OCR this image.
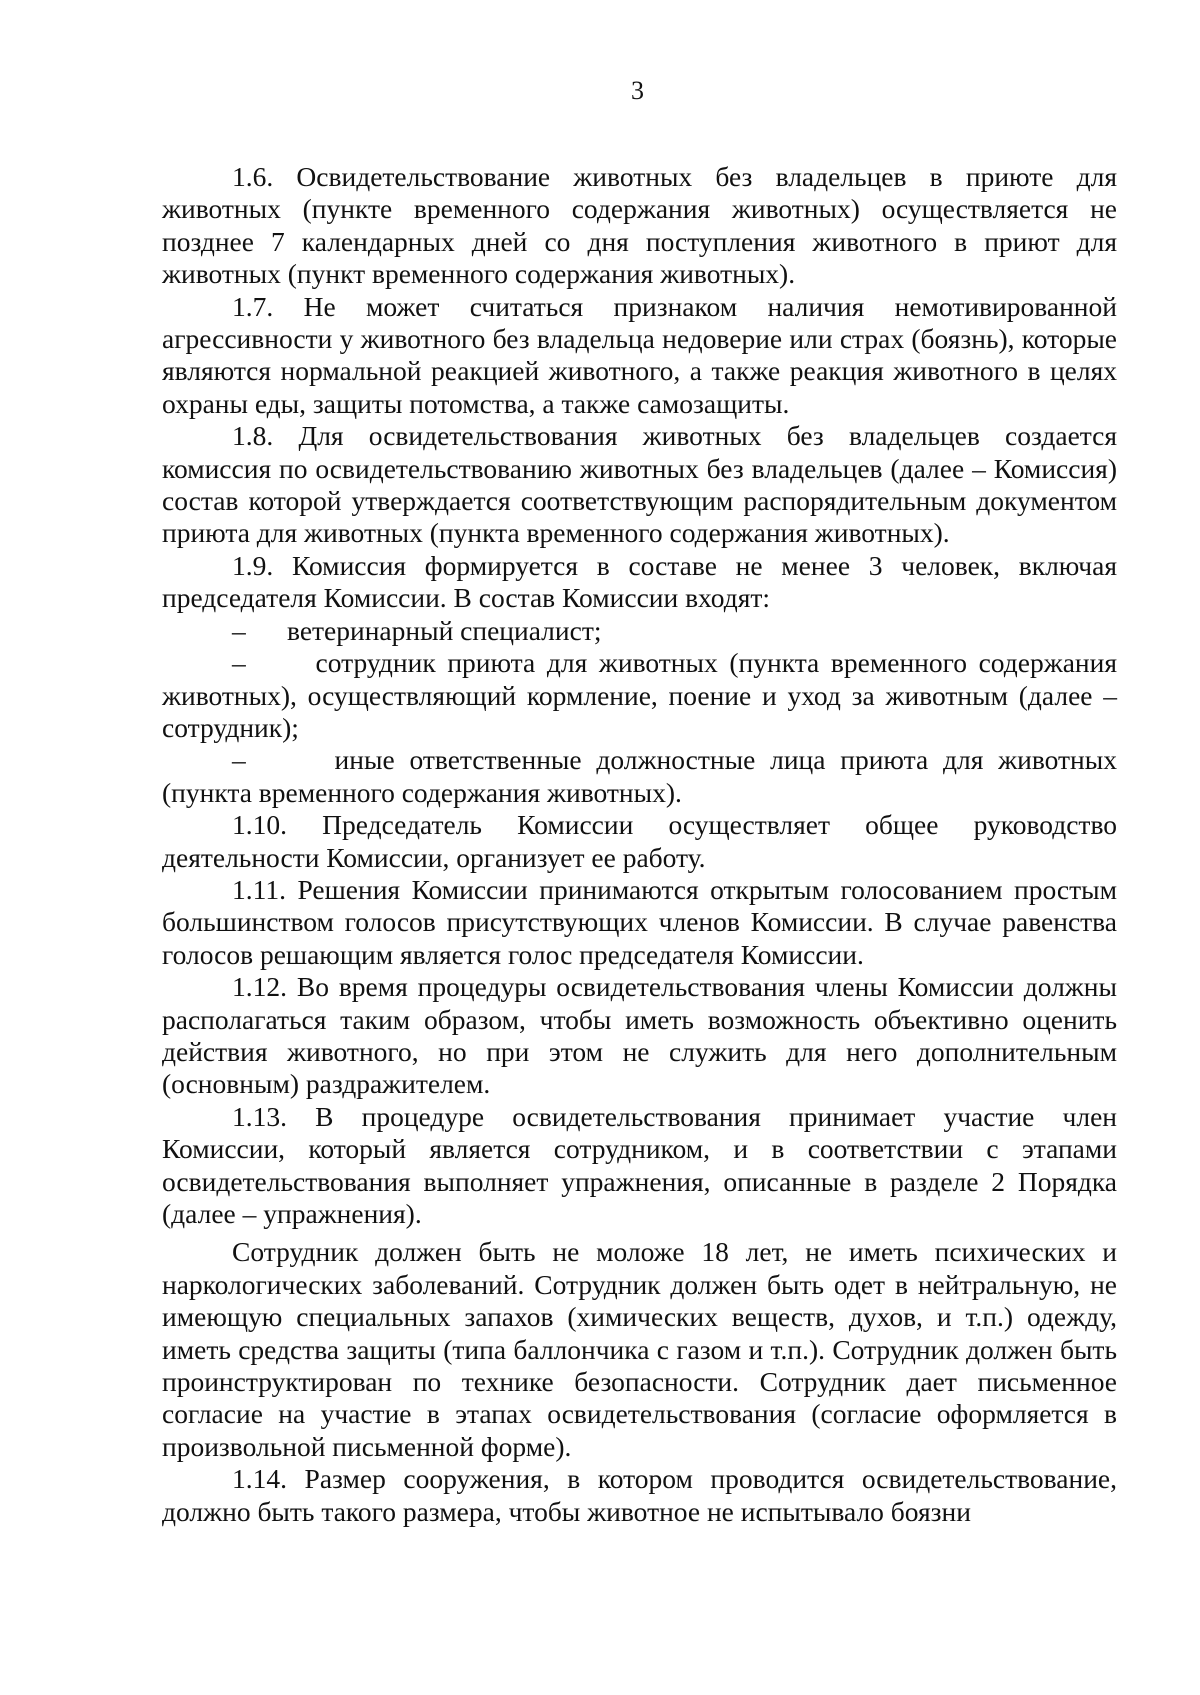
3

1.6. Освидетельствование животных без владельцев в приюте для животных (пункте временного содержания животных) осуществляется не позднее 7 календарных дней со дня поступления животного в приют для животных (пункт временного содержания животных).

1.7. Не может считаться признаком наличия немотивированной агрессивности у животного без владельца недоверие или страх (боязнь), которые являются нормальной реакцией животного, а также реакция животного в целях охраны еды, защиты потомства, а также самозащиты.

1.8. Для освидетельствования животных без владельцев создается комиссия по освидетельствованию животных без владельцев (далее – Комиссия) состав которой утверждается соответствующим распорядительным документом приюта для животных (пункта временного содержания животных).

1.9. Комиссия формируется в составе не менее 3 человек, включая председателя Комиссии. В состав Комиссии входят:

– ветеринарный специалист;

–	сотрудник приюта для животных (пункта временного содержания животных), осуществляющий кормление, поение и уход за животным (далее – сотрудник);

–	иные ответственные должностные лица приюта для животных (пункта временного содержания животных).

1.10. Председатель Комиссии осуществляет общее руководство деятельности Комиссии, организует ее работу.

1.11. Решения Комиссии принимаются открытым голосованием простым большинством голосов присутствующих членов Комиссии. В случае равенства голосов решающим является голос председателя Комиссии.

1.12. Во время процедуры освидетельствования члены Комиссии должны располагаться таким образом, чтобы иметь возможность объективно оценить действия животного, но при этом не служить для него дополнительным (основным) раздражителем.

1.13. В процедуре освидетельствования принимает участие член Комиссии, который является сотрудником, и в соответствии с этапами освидетельствования выполняет упражнения, описанные в разделе 2 Порядка (далее – упражнения).

Сотрудник должен быть не моложе 18 лет, не иметь психических и наркологических заболеваний. Сотрудник должен быть одет в нейтральную, не имеющую специальных запахов (химических веществ, духов, и т.п.) одежду, иметь средства защиты (типа баллончика с газом и т.п.). Сотрудник должен быть проинструктирован по технике безопасности. Сотрудник дает письменное согласие на участие в этапах освидетельствования (согласие оформляется в произвольной письменной форме).

1.14. Размер сооружения, в котором проводится освидетельствование, должно быть такого размера, чтобы животное не испытывало боязни
